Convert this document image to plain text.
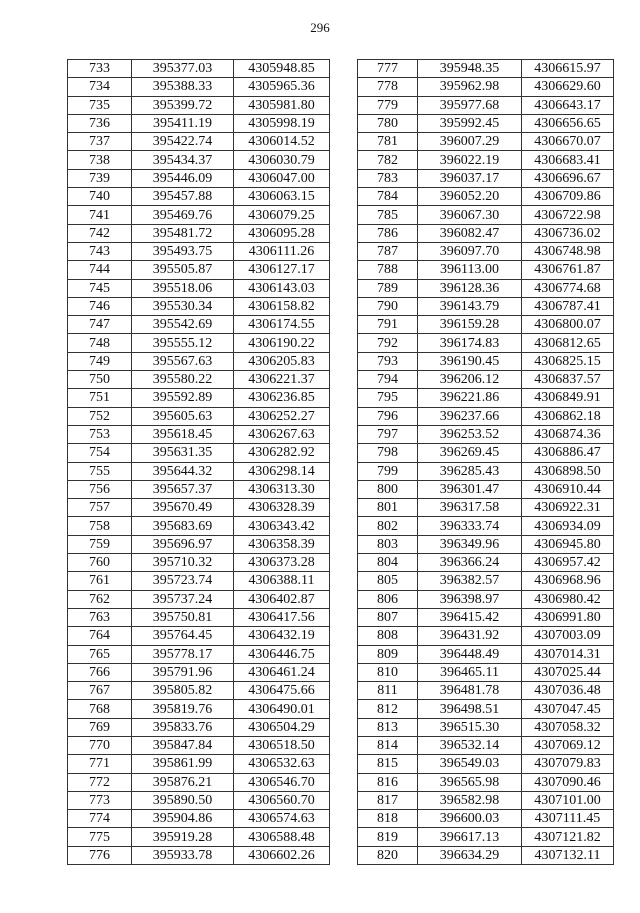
296
733	395377.03	4305948.85
734	395388.33	4305965.36
735	395399.72	4305981.80
736	395411.19	4305998.19
737	395422.74	4306014.52
738	395434.37	4306030.79
739	395446.09	4306047.00
740	395457.88	4306063.15
741	395469.76	4306079.25
742	395481.72	4306095.28
743	395493.75	4306111.26
744	395505.87	4306127.17
745	395518.06	4306143.03
746	395530.34	4306158.82
747	395542.69	4306174.55
748	395555.12	4306190.22
749	395567.63	4306205.83
750	395580.22	4306221.37
751	395592.89	4306236.85
752	395605.63	4306252.27
753	395618.45	4306267.63
754	395631.35	4306282.92
755	395644.32	4306298.14
756	395657.37	4306313.30
757	395670.49	4306328.39
758	395683.69	4306343.42
759	395696.97	4306358.39
760	395710.32	4306373.28
761	395723.74	4306388.11
762	395737.24	4306402.87
763	395750.81	4306417.56
764	395764.45	4306432.19
765	395778.17	4306446.75
766	395791.96	4306461.24
767	395805.82	4306475.66
768	395819.76	4306490.01
769	395833.76	4306504.29
770	395847.84	4306518.50
771	395861.99	4306532.63
772	395876.21	4306546.70
773	395890.50	4306560.70
774	395904.86	4306574.63
775	395919.28	4306588.48
776	395933.78	4306602.26
777	395948.35	4306615.97
778	395962.98	4306629.60
779	395977.68	4306643.17
780	395992.45	4306656.65
781	396007.29	4306670.07
782	396022.19	4306683.41
783	396037.17	4306696.67
784	396052.20	4306709.86
785	396067.30	4306722.98
786	396082.47	4306736.02
787	396097.70	4306748.98
788	396113.00	4306761.87
789	396128.36	4306774.68
790	396143.79	4306787.41
791	396159.28	4306800.07
792	396174.83	4306812.65
793	396190.45	4306825.15
794	396206.12	4306837.57
795	396221.86	4306849.91
796	396237.66	4306862.18
797	396253.52	4306874.36
798	396269.45	4306886.47
799	396285.43	4306898.50
800	396301.47	4306910.44
801	396317.58	4306922.31
802	396333.74	4306934.09
803	396349.96	4306945.80
804	396366.24	4306957.42
805	396382.57	4306968.96
806	396398.97	4306980.42
807	396415.42	4306991.80
808	396431.92	4307003.09
809	396448.49	4307014.31
810	396465.11	4307025.44
811	396481.78	4307036.48
812	396498.51	4307047.45
813	396515.30	4307058.32
814	396532.14	4307069.12
815	396549.03	4307079.83
816	396565.98	4307090.46
817	396582.98	4307101.00
818	396600.03	4307111.45
819	396617.13	4307121.82
820	396634.29	4307132.11
